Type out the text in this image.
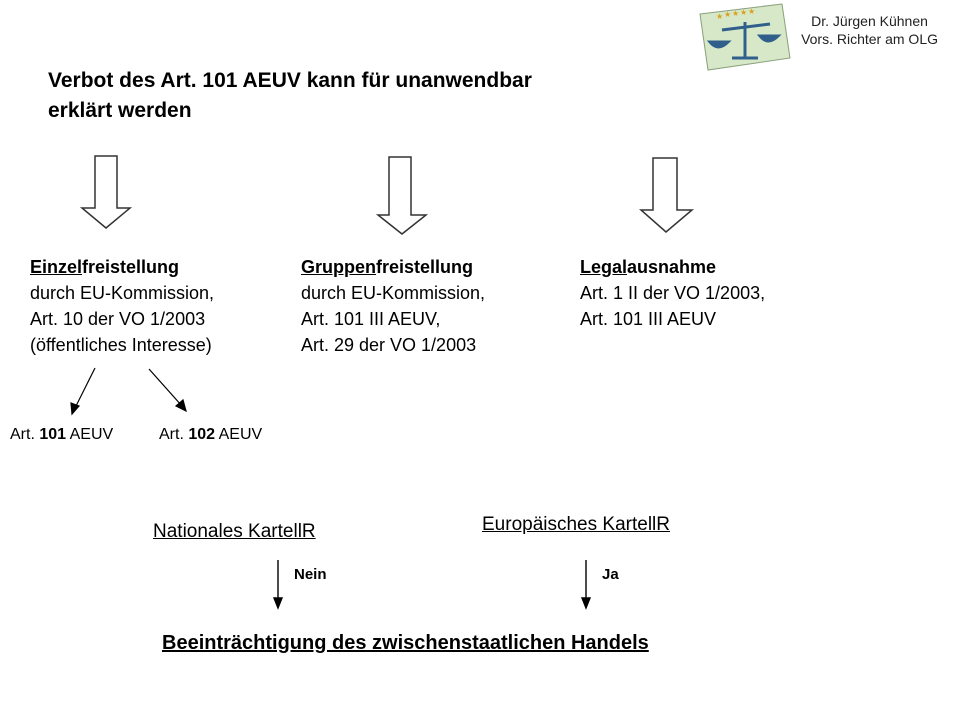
★ ★ ★ ★ ★
Dr. Jürgen Kühnen
Vors. Richter am OLG
Verbot des Art. 101 AEUV kann für unanwendbar
erklärt werden
Einzelfreistellung
durch EU-Kommission,
Art. 10 der VO 1/2003
(öffentliches Interesse)
Gruppenfreistellung
durch EU-Kommission,
Art. 101 III AEUV,
Art. 29 der VO 1/2003
Legalausnahme
Art. 1 II der VO 1/2003,
Art. 101 III AEUV
Art. 101 AEUV	Art. 102 AEUV
Nationales KartellR	Europäisches KartellR
Nein	Ja
Beeinträchtigung des zwischenstaatlichen Handels
